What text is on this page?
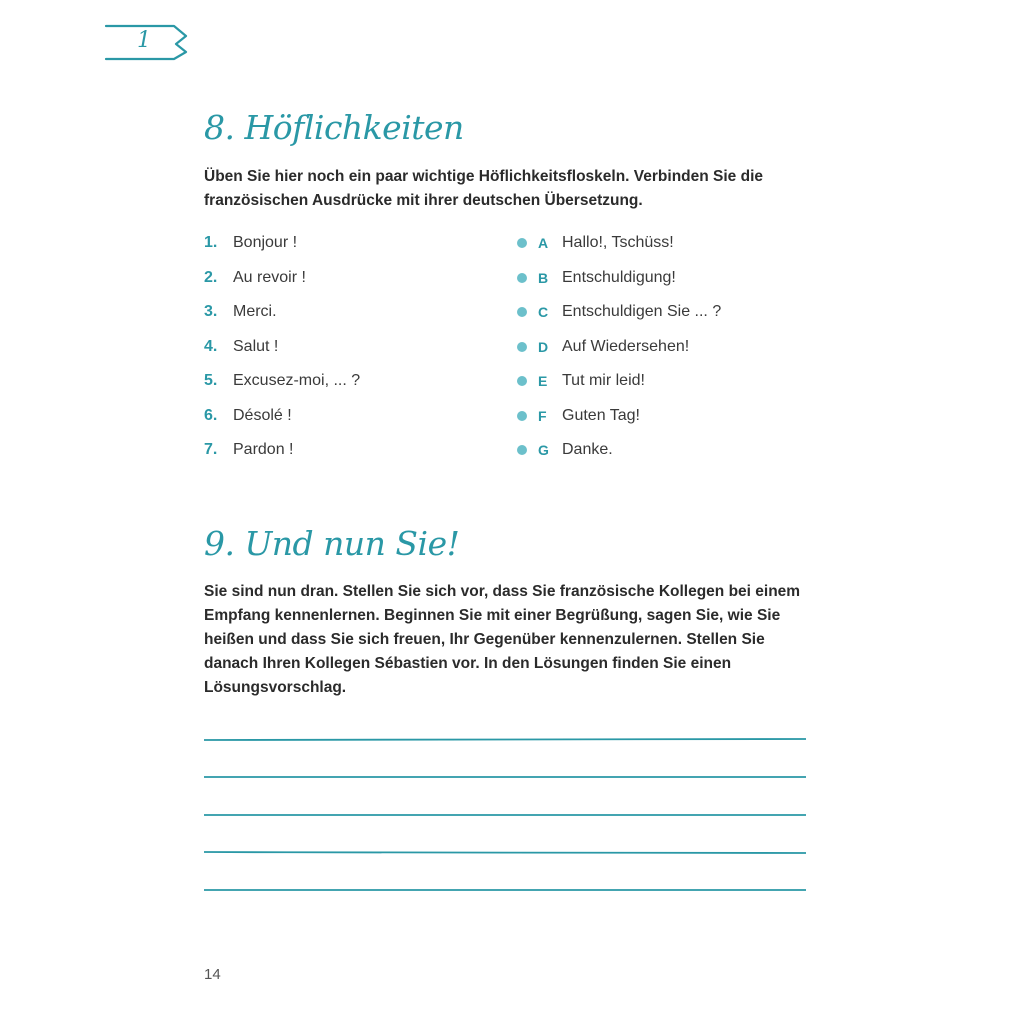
1
8. Höflichkeiten

Üben Sie hier noch ein paar wichtige Höflichkeitsfloskeln. Verbinden Sie die französischen Ausdrücke mit ihrer deutschen Übersetzung.

1. Bonjour !
2. Au revoir !
3. Merci.
4. Salut !
5. Excusez-moi, ... ?
6. Désolé !
7. Pardon !
A Hallo!, Tschüss!
B Entschuldigung!
C Entschuldigen Sie ... ?
D Auf Wiedersehen!
E Tut mir leid!
F Guten Tag!
G Danke.
9. Und nun Sie!

Sie sind nun dran. Stellen Sie sich vor, dass Sie französische Kollegen bei einem Empfang kennenlernen. Beginnen Sie mit einer Begrüßung, sagen Sie, wie Sie heißen und dass Sie sich freuen, Ihr Gegenüber kennenzulernen. Stellen Sie danach Ihren Kollegen Sébastien vor. In den Lösungen finden Sie einen Lösungsvorschlag.

14
